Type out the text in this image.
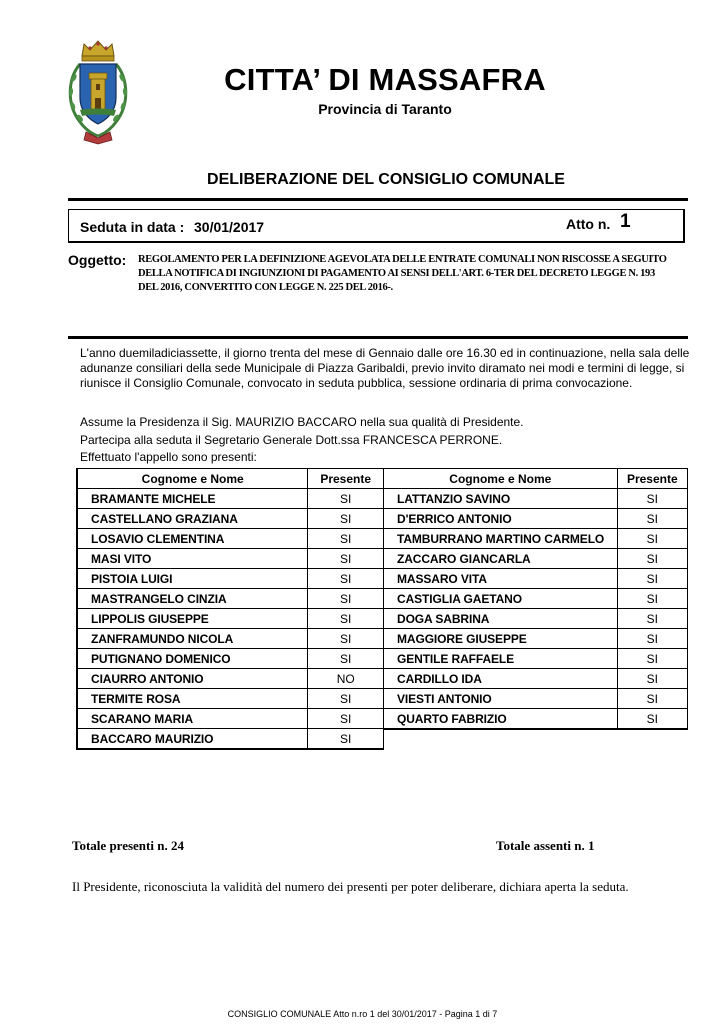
CITTA’ DI MASSAFRA
Provincia di Taranto
DELIBERAZIONE DEL CONSIGLIO COMUNALE
Seduta in data : 30/01/2017	Atto n. 1
Oggetto: REGOLAMENTO PER LA DEFINIZIONE AGEVOLATA DELLE ENTRATE COMUNALI NON RISCOSSE A SEGUITO DELLA NOTIFICA DI INGIUNZIONI DI PAGAMENTO AI SENSI DELL'ART. 6-TER DEL DECRETO LEGGE N. 193 DEL 2016, CONVERTITO CON LEGGE N. 225 DEL 2016-.
L'anno duemiladiciassette, il giorno trenta del mese di Gennaio dalle ore 16.30 ed in continuazione, nella sala delle adunanze consiliari della sede Municipale di Piazza Garibaldi, previo invito diramato nei modi e termini di legge, si riunisce il Consiglio Comunale, convocato in seduta pubblica, sessione ordinaria di prima convocazione.
Assume la Presidenza il Sig. MAURIZIO BACCARO nella sua qualità di Presidente.
Partecipa alla seduta il Segretario Generale Dott.ssa FRANCESCA PERRONE.
Effettuato l'appello sono presenti:
Cognome e Nome	Presente
BRAMANTE MICHELE	SI
CASTELLANO GRAZIANA	SI
LOSAVIO CLEMENTINA	SI
MASI VITO	SI
PISTOIA LUIGI	SI
MASTRANGELO CINZIA	SI
LIPPOLIS GIUSEPPE	SI
ZANFRAMUNDO NICOLA	SI
PUTIGNANO DOMENICO	SI
CIAURRO ANTONIO	NO
TERMITE ROSA	SI
SCARANO MARIA	SI
BACCARO MAURIZIO	SI
Cognome e Nome	Presente
LATTANZIO SAVINO	SI
D'ERRICO ANTONIO	SI
TAMBURRANO MARTINO CARMELO	SI
ZACCARO GIANCARLA	SI
MASSARO VITA	SI
CASTIGLIA GAETANO	SI
DOGA SABRINA	SI
MAGGIORE GIUSEPPE	SI
GENTILE RAFFAELE	SI
CARDILLO IDA	SI
VIESTI ANTONIO	SI
QUARTO FABRIZIO	SI
Totale presenti n. 24	Totale assenti n. 1
Il Presidente, riconosciuta la validità del numero dei presenti per poter deliberare, dichiara aperta la seduta.
CONSIGLIO COMUNALE Atto n.ro 1 del 30/01/2017 - Pagina 1 di 7
